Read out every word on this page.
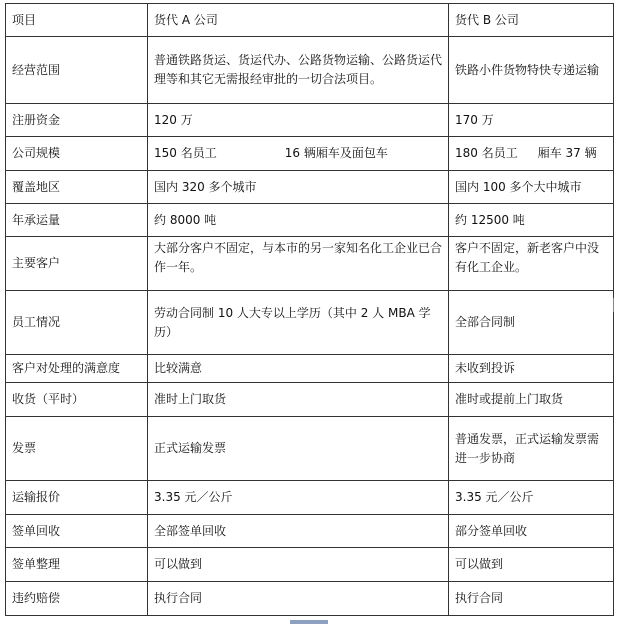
项目	货代 A 公司	货代 B 公司
经营范围	普通铁路货运、货运代办、公路货物运输、公路货运代理等和其它无需报经审批的一切合法项目。	铁路小件货物特快专递运输
注册资金	120 万	170 万
公司规模	150 名员工 16 辆厢车及面包车	180 名员工 厢车 37 辆
覆盖地区	国内 320 多个城市	国内 100 多个大中城市
年承运量	约 8000 吨	约 12500 吨
主要客户	大部分客户不固定，与本市的另一家知名化工企业已合作一年。	客户不固定，新老客户中没有化工企业。
员工情况	劳动合同制 10 人大专以上学历（其中 2 人 MBA 学历）	全部合同制
客户对处理的满意度	比较满意	未收到投诉
收货（平时）	准时上门取货	准时或提前上门取货
发票	正式运输发票	普通发票，正式运输发票需进一步协商
运输报价	3.35 元／公斤	3.35 元／公斤
签单回收	全部签单回收	部分签单回收
签单整理	可以做到	可以做到
违约赔偿	执行合同	执行合同
